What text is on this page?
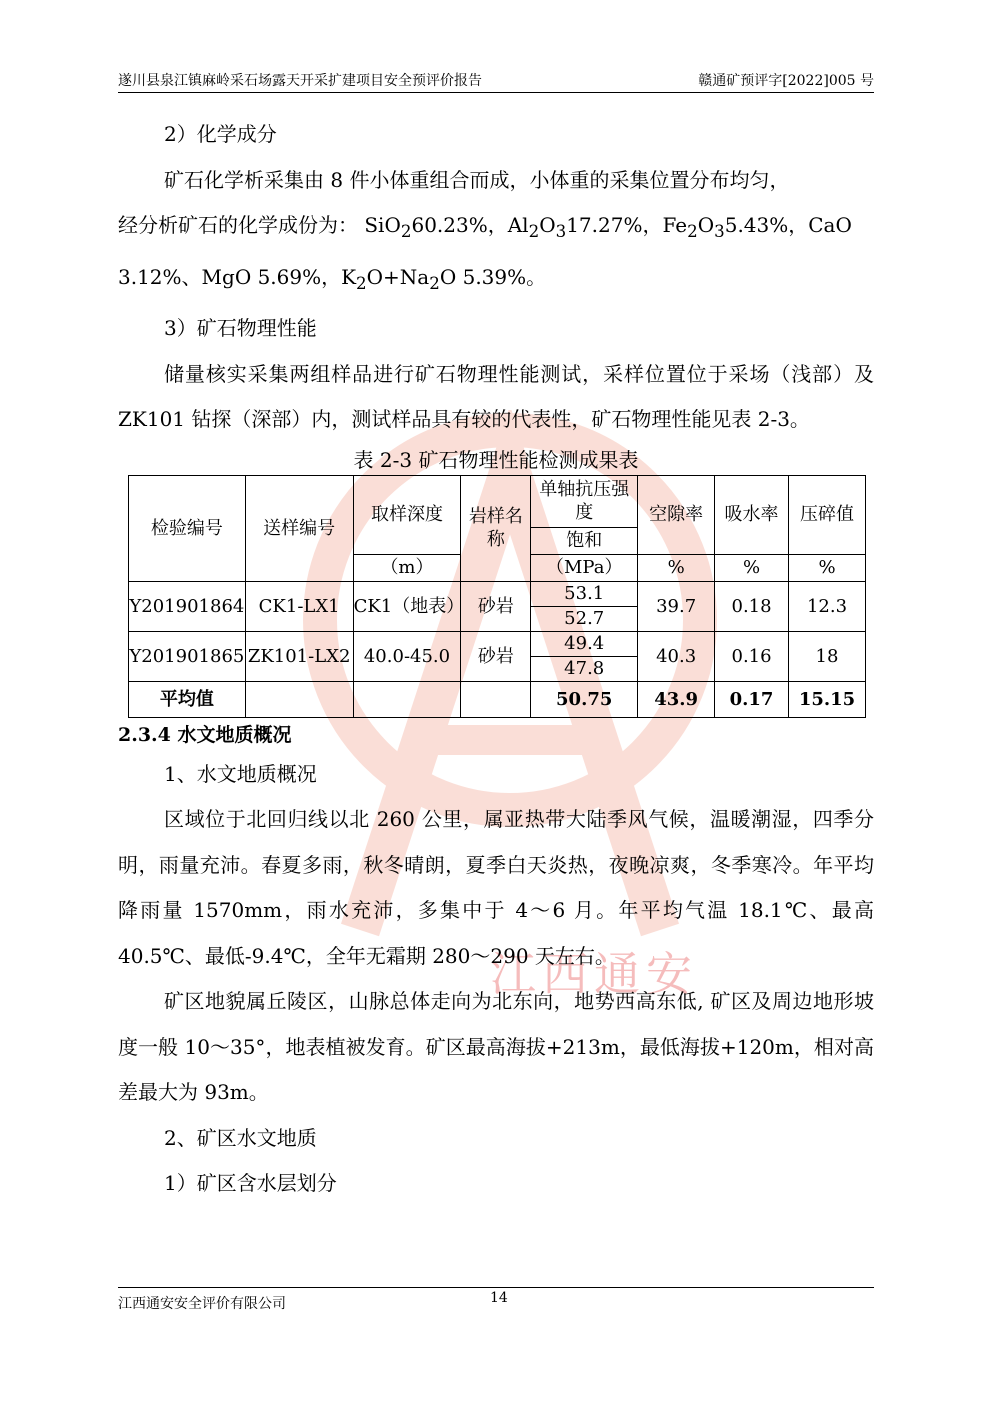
江西通安
遂川县泉江镇麻岭采石场露天开采扩建项目安全预评价报告	赣通矿预评字[2022]005 号

2）化学成分

矿石化学析采集由 8 件小体重组合而成，小体重的采集位置分布均匀，

经分析矿石的化学成份为： SiO$_2$60.23%，$Al_2O_317.27\%$，$Fe_2O_35.43\%$，CaO

3.12%、MgO 5.69%，$K_2O+Na_2O$ 5.39%。

3）矿石物理性能

储量核实采集两组样品进行矿石物理性能测试，采样位置位于采场（浅部）及 ZK101 钻探（深部）内，测试样品具有较的代表性，矿石物理性能见表 2-3。

表 2-3 矿石物理性能检测成果表

检验编号	送样编号	取样深度	岩样名称	单轴抗压强度	空隙率	吸水率	压碎值
				饱和			
		（m）		（MPa）	%	%	%
Y201901864	CK1-LX1	CK1（地表）	砂岩	53.1	39.7	0.18	12.3
				52.7			
Y201901865	ZK101-LX2	40.0-45.0	砂岩	49.4	40.3	0.16	18
				47.8			
平均值				50.75	43.9	0.17	15.15

2.3.4 水文地质概况

1、水文地质概况

区域位于北回归线以北 260 公里，属亚热带大陆季风气候，温暖潮湿，四季分明，雨量充沛。春夏多雨，秋冬晴朗，夏季白天炎热，夜晚凉爽，冬季寒冷。年平均降雨量 1570mm，雨水充沛，多集中于 4～6 月。年平均气温 18.1℃、最高 40.5℃、最低-9.4℃，全年无霜期 280～290 天左右。

矿区地貌属丘陵区，山脉总体走向为北东向，地势西高东低, 矿区及周边地形坡度一般 10～35°，地表植被发育。矿区最高海拔+213m，最低海拔+120m，相对高差最大为 93m。

2、矿区水文地质

1）矿区含水层划分

江西通安安全评价有限公司	14
